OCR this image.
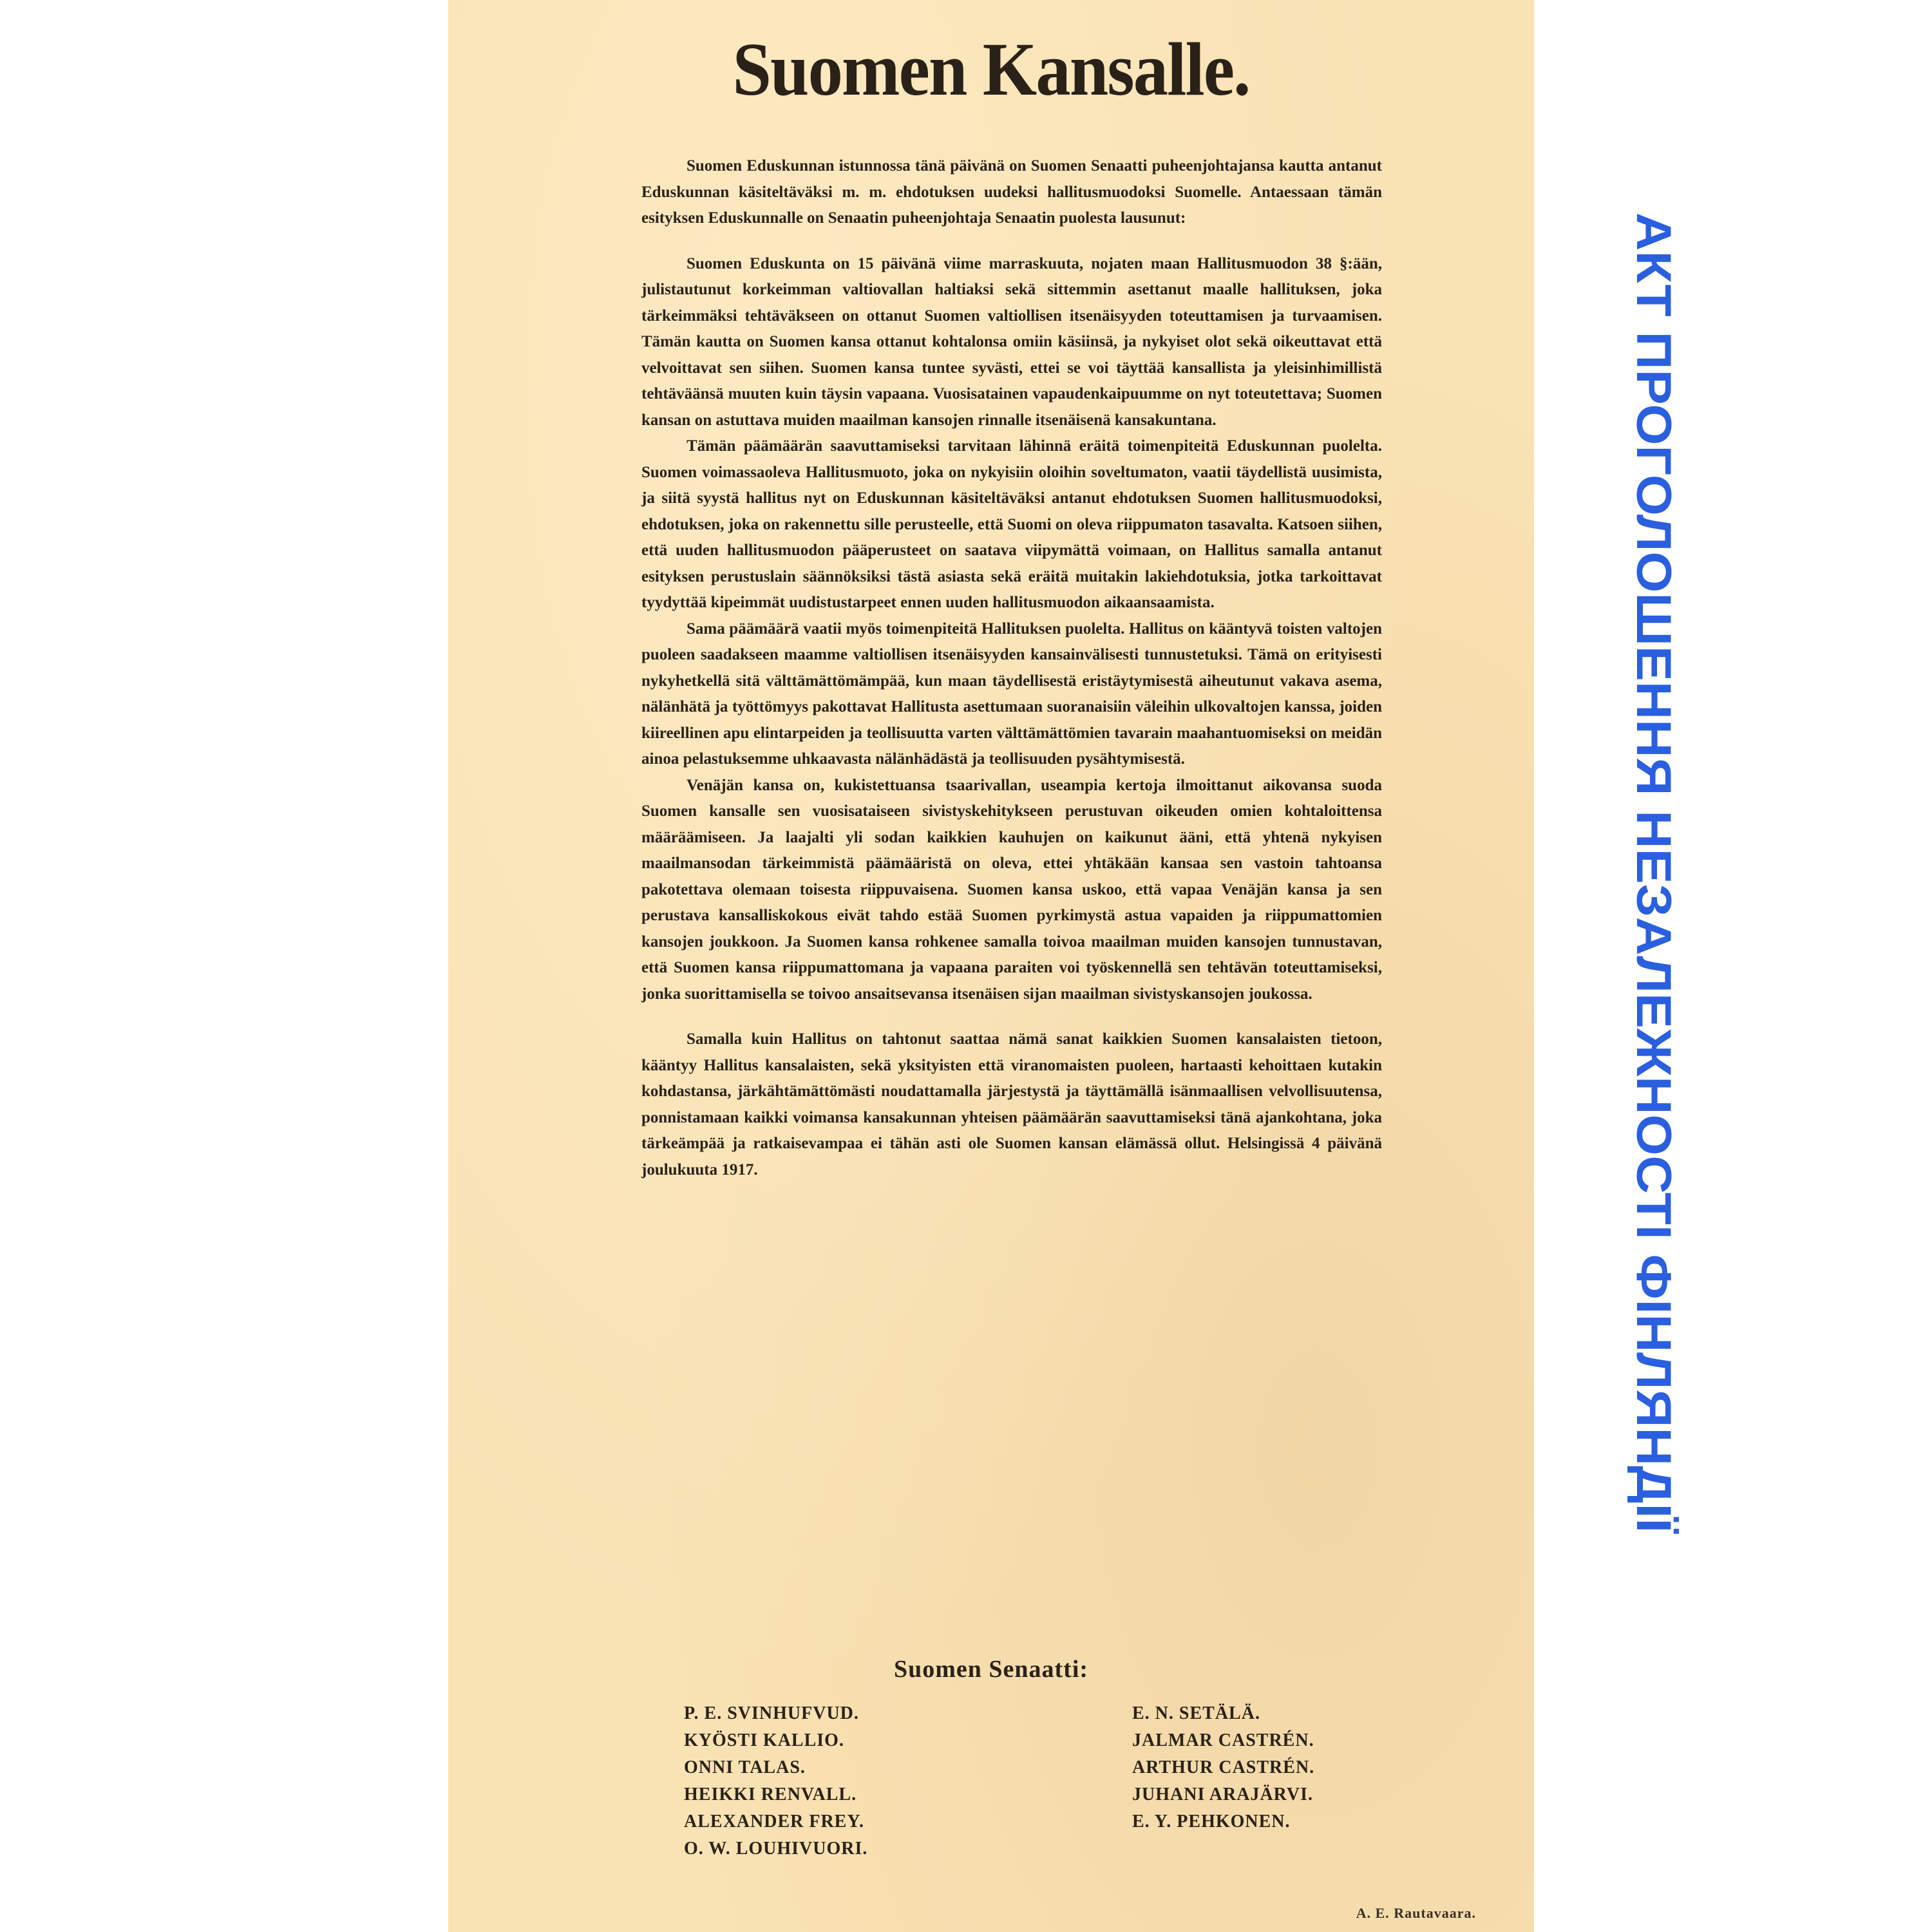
Suomen Kansalle.

Suomen Eduskunnan istunnossa tänä päivänä on Suomen Senaatti puheenjohtajansa kautta antanut Eduskunnan käsiteltäväksi m. m. ehdotuksen uudeksi hallitusmuodoksi Suomelle. Antaessaan tämän esityksen Eduskunnalle on Senaatin puheenjohtaja Senaatin puolesta lausunut:

Suomen Eduskunta on 15 päivänä viime marraskuuta, nojaten maan Hallitusmuodon 38 §:ään, julistautunut korkeimman valtiovallan haltiaksi sekä sittemmin asettanut maalle hallituksen, joka tärkeimmäksi tehtäväkseen on ottanut Suomen valtiollisen itsenäisyyden toteuttamisen ja turvaamisen. Tämän kautta on Suomen kansa ottanut kohtalonsa omiin käsiinsä, ja nykyiset olot sekä oikeuttavat että velvoittavat sen siihen. Suomen kansa tuntee syvästi, ettei se voi täyttää kansallista ja yleisinhimillistä tehtäväänsä muuten kuin täysin vapaana. Vuosisatainen vapaudenkaipuumme on nyt toteutettava; Suomen kansan on astuttava muiden maailman kansojen rinnalle itsenäisenä kansakuntana.

Tämän päämäärän saavuttamiseksi tarvitaan lähinnä eräitä toimenpiteitä Eduskunnan puolelta. Suomen voimassaoleva Hallitusmuoto, joka on nykyisiin oloihin soveltumaton, vaatii täydellistä uusimista, ja siitä syystä hallitus nyt on Eduskunnan käsiteltäväksi antanut ehdotuksen Suomen hallitusmuodoksi, ehdotuksen, joka on rakennettu sille perusteelle, että Suomi on oleva riippumaton tasavalta. Katsoen siihen, että uuden hallitusmuodon pääperusteet on saatava viipymättä voimaan, on Hallitus samalla antanut esityksen perustuslain säännöksiksi tästä asiasta sekä eräitä muitakin lakiehdotuksia, jotka tarkoittavat tyydyttää kipeimmät uudistustarpeet ennen uuden hallitusmuodon aikaansaamista.

Sama päämäärä vaatii myös toimenpiteitä Hallituksen puolelta. Hallitus on kääntyvä toisten valtojen puoleen saadakseen maamme valtiollisen itsenäisyyden kansainvälisesti tunnustetuksi. Tämä on erityisesti nykyhetkellä sitä välttämättömämpää, kun maan täydellisestä eristäytymisestä aiheutunut vakava asema, nälänhätä ja työttömyys pakottavat Hallitusta asettumaan suoranaisiin väleihin ulkovaltojen kanssa, joiden kiireellinen apu elintarpeiden ja teollisuutta varten välttämättömien tavarain maahantuomiseksi on meidän ainoa pelastuksemme uhkaavasta nälänhädästä ja teollisuuden pysähtymisestä.

Venäjän kansa on, kukistettuansa tsaarivallan, useampia kertoja ilmoittanut aikovansa suoda Suomen kansalle sen vuosisataiseen sivistyskehitykseen perustuvan oikeuden omien kohtaloittensa määräämiseen. Ja laajalti yli sodan kaikkien kauhujen on kaikunut ääni, että yhtenä nykyisen maailmansodan tärkeimmistä päämääristä on oleva, ettei yhtäkään kansaa sen vastoin tahtoansa pakotettava olemaan toisesta riippuvaisena. Suomen kansa uskoo, että vapaa Venäjän kansa ja sen perustava kansalliskokous eivät tahdo estää Suomen pyrkimystä astua vapaiden ja riippumattomien kansojen joukkoon. Ja Suomen kansa rohkenee samalla toivoa maailman muiden kansojen tunnustavan, että Suomen kansa riippumattomana ja vapaana paraiten voi työskennellä sen tehtävän toteuttamiseksi, jonka suorittamisella se toivoo ansaitsevansa itsenäisen sijan maailman sivistyskansojen joukossa.

Samalla kuin Hallitus on tahtonut saattaa nämä sanat kaikkien Suomen kansalaisten tietoon, kääntyy Hallitus kansalaisten, sekä yksityisten että viranomaisten puoleen, hartaasti kehoittaen kutakin kohdastansa, järkähtämättömästi noudattamalla järjestystä ja täyttämällä isänmaallisen velvollisuutensa, ponnistamaan kaikki voimansa kansakunnan yhteisen päämäärän saavuttamiseksi tänä ajankohtana, joka tärkeämpää ja ratkaisevampaa ei tähän asti ole Suomen kansan elämässä ollut. Helsingissä 4 päivänä joulukuuta 1917.

Suomen Senaatti:
P. E. SVINHUFVUD.
KYÖSTI KALLIO.
ONNI TALAS.
HEIKKI RENVALL.
ALEXANDER FREY.
O. W. LOUHIVUORI.
E. N. SETÄLÄ.
JALMAR CASTRÉN.
ARTHUR CASTRÉN.
JUHANI ARAJÄRVI.
E. Y. PEHKONEN.
A. E. Rautavaara.
АКТ ПРОГОЛОШЕННЯ НЕЗАЛЕЖНОСТІ ФІНЛЯНДІЇ
